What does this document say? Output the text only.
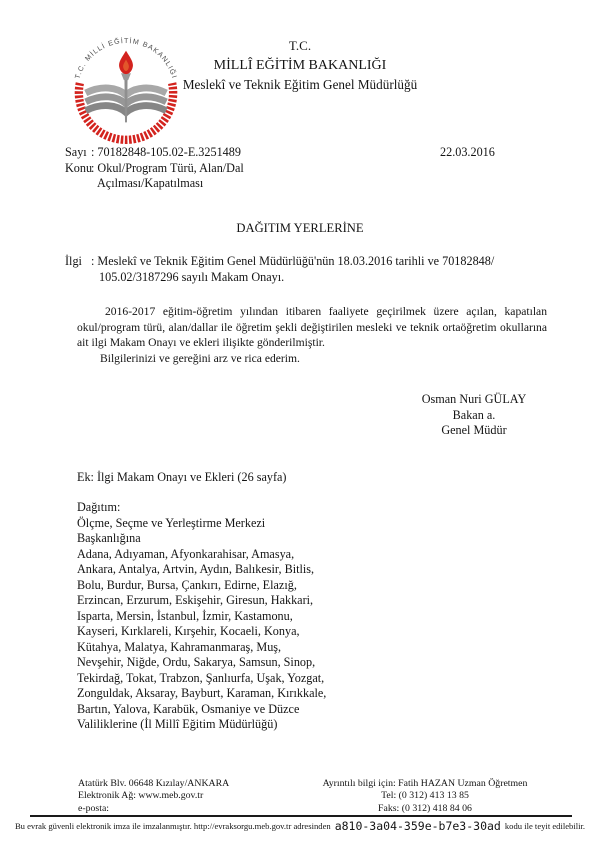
T.C. MİLLİ EĞİTİM BAKANLIĞI
T.C.
MİLLÎ EĞİTİM BAKANLIĞI
Meslekî ve Teknik Eğitim Genel Müdürlüğü
Sayı : 70182848-105.02-E.3251489
Konu: Okul/Program Türü, Alan/Dal
Açılması/Kapatılması
22.03.2016
DAĞITIM YERLERİNE
İlgi : Meslekî ve Teknik Eğitim Genel Müdürlüğü'nün 18.03.2016 tarihli ve 70182848/
105.02/3187296 sayılı Makam Onayı.

2016-2017 eğitim-öğretim yılından itibaren faaliyete geçirilmek üzere açılan, kapatılan okul/program türü, alan/dallar ile öğretim şekli değiştirilen mesleki ve teknik ortaöğretim okullarına ait ilgi Makam Onayı ve ekleri ilişikte gönderilmiştir.

Bilgilerinizi ve gereğini arz ve rica ederim.

Osman Nuri GÜLAY
Bakan a.
Genel Müdür
Ek: İlgi Makam Onayı ve Ekleri (26 sayfa)
Dağıtım:
Ölçme, Seçme ve Yerleştirme Merkezi
Başkanlığına
Adana, Adıyaman, Afyonkarahisar, Amasya,
Ankara, Antalya, Artvin, Aydın, Balıkesir, Bitlis,
Bolu, Burdur, Bursa, Çankırı, Edirne, Elazığ,
Erzincan, Erzurum, Eskişehir, Giresun, Hakkari,
Isparta, Mersin, İstanbul, İzmir, Kastamonu,
Kayseri, Kırklareli, Kırşehir, Kocaeli, Konya,
Kütahya, Malatya, Kahramanmaraş, Muş,
Nevşehir, Niğde, Ordu, Sakarya, Samsun, Sinop,
Tekirdağ, Tokat, Trabzon, Şanlıurfa, Uşak, Yozgat,
Zonguldak, Aksaray, Bayburt, Karaman, Kırıkkale,
Bartın, Yalova, Karabük, Osmaniye ve Düzce
Valiliklerine (İl Millî Eğitim Müdürlüğü)
Atatürk Blv. 06648 Kızılay/ANKARA
Elektronik Ağ: www.meb.gov.tr
e-posta:
Ayrıntılı bilgi için: Fatih HAZAN Uzman Öğretmen
Tel: (0 312) 413 13 85
Faks: (0 312) 418 84 06
Bu evrak güvenli elektronik imza ile imzalanmıştır. http://evraksorgu.meb.gov.tr adresinden a810-3a04-359e-b7e3-30ad kodu ile teyit edilebilir.
